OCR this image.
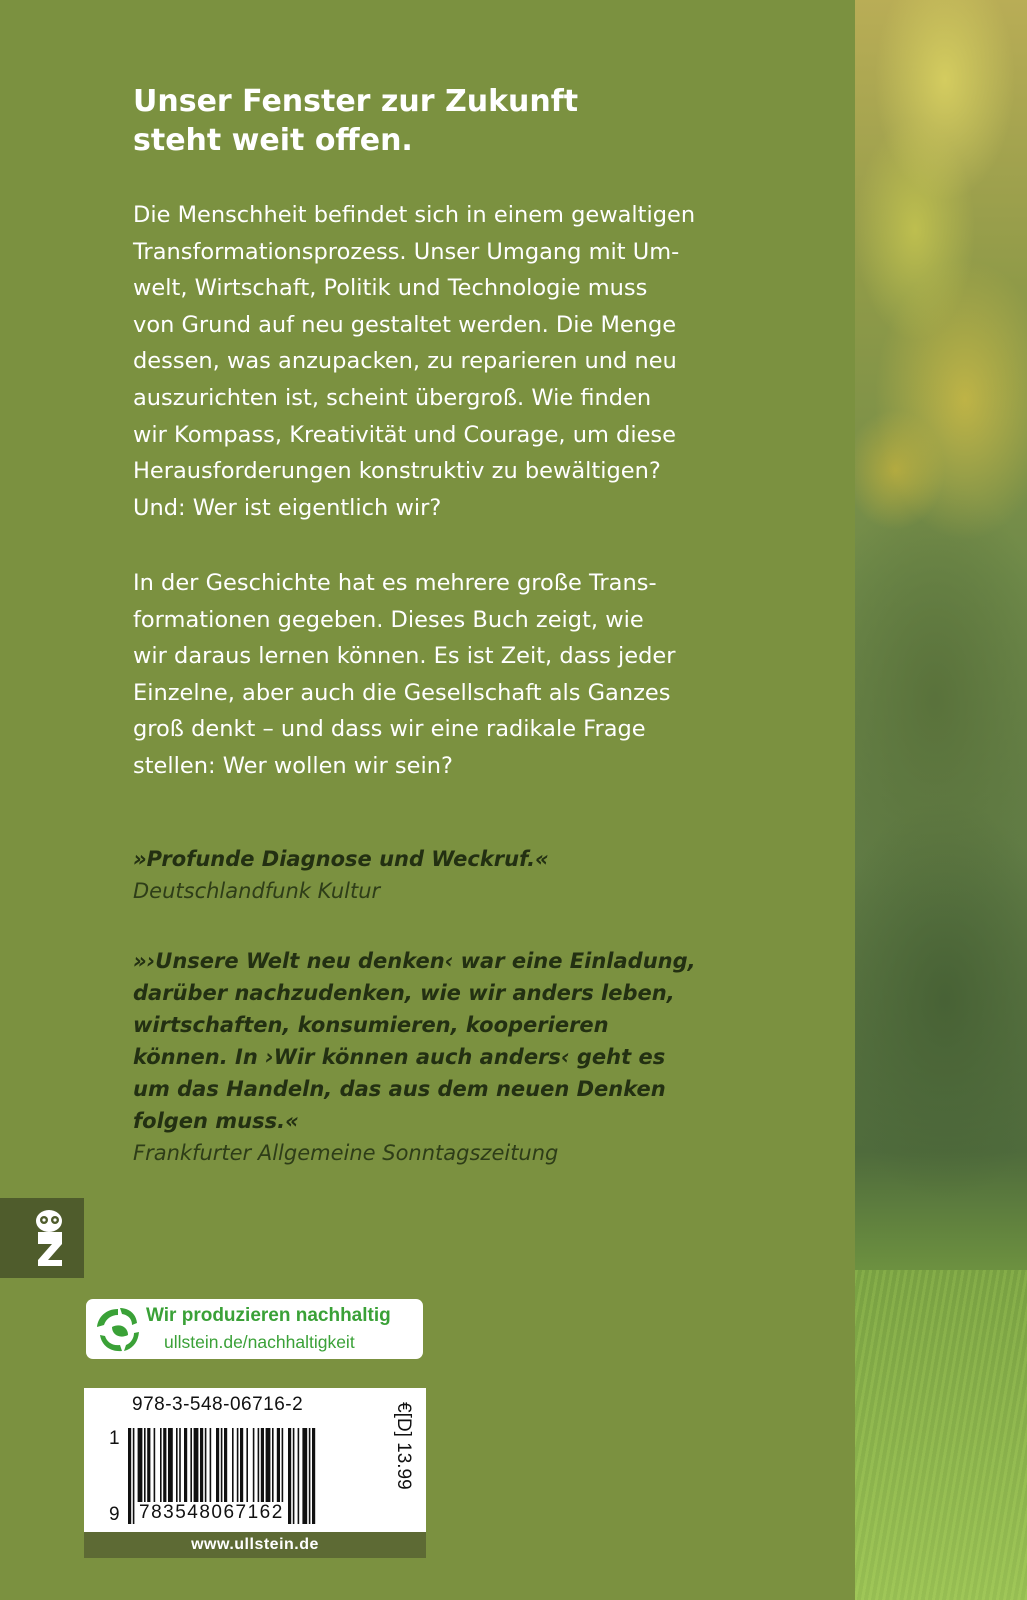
Unser Fenster zur Zukunft
steht weit offen.

Die Menschheit befindet sich in einem gewaltigen
Transformationsprozess. Unser Umgang mit Um-
welt, Wirtschaft, Politik und Technologie muss
von Grund auf neu gestaltet werden. Die Menge
dessen, was anzupacken, zu reparieren und neu
auszurichten ist, scheint übergroß. Wie finden
wir Kompass, Kreativität und Courage, um diese
Herausforderungen konstruktiv zu bewältigen?
Und: Wer ist eigentlich wir?

In der Geschichte hat es mehrere große Trans-
formationen gegeben. Dieses Buch zeigt, wie
wir daraus lernen können. Es ist Zeit, dass jeder
Einzelne, aber auch die Gesellschaft als Ganzes
groß denkt – und dass wir eine radikale Frage
stellen: Wer wollen wir sein?

»Profunde Diagnose und Weckruf.«
Deutschlandfunk Kultur
»›Unsere Welt neu denken‹ war eine Einladung,
darüber nachzudenken, wie wir anders leben,
wirtschaften, konsumieren, kooperieren
können. In ›Wir können auch anders‹ geht es
um das Handeln, das aus dem neuen Denken
folgen muss.«
Frankfurter Allgemeine Sonntagszeitung
Wir produzieren nachhaltig
ullstein.de/nachhaltigkeit
978-3-548-06716-2
1
9 783548067162
€[D] 13.99
www.ullstein.de
